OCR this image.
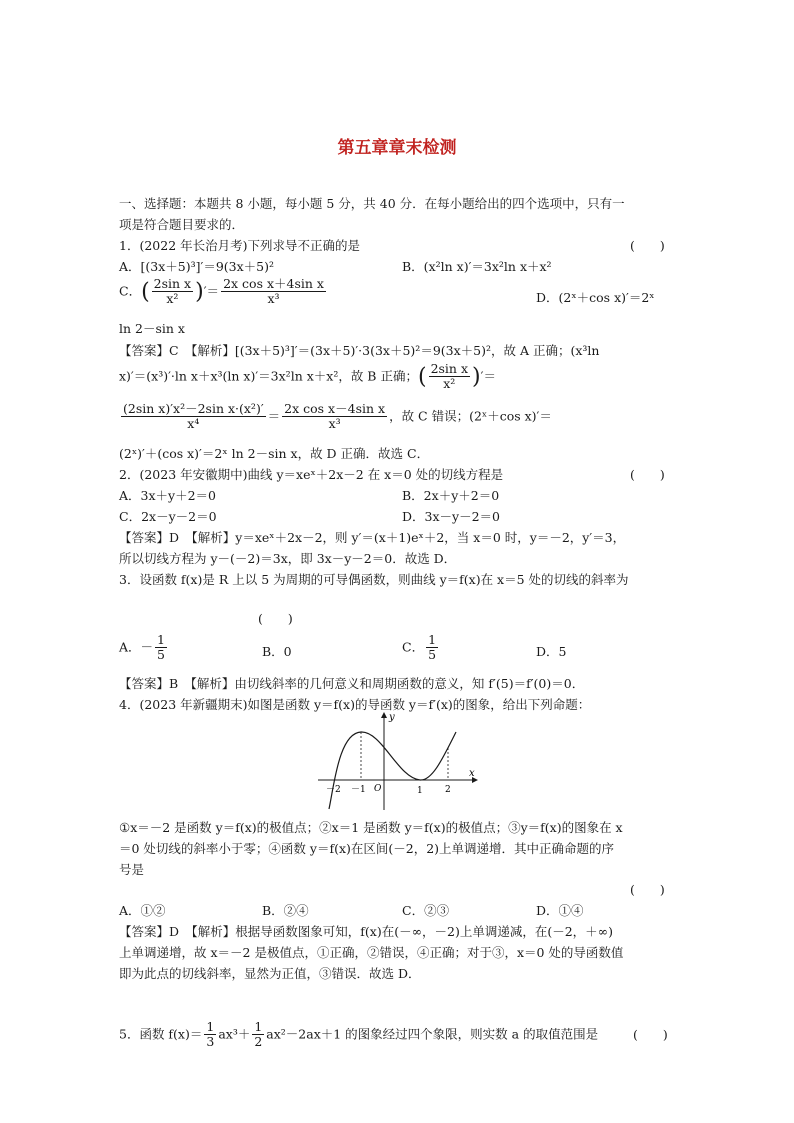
第五章章末检测
一、选择题：本题共 8 小题，每小题 5 分，共 40 分．在每小题给出的四个选项中，只有一
项是符合题目要求的．
1．(2022 年长治月考)下列求导不正确的是	(　　)
A．[(3x＋5)³]′＝9(3x＋5)²	B．(x²ln x)′＝3x²ln x＋x²
C．( $\frac{\text{2sin x}}{\text{x²}}$ )′＝ $\frac{\text{2x cos x＋4sin x}}{\text{x³}}$	D．(2ˣ＋cos x)′＝2ˣ
ln 2－sin x
【答案】C　【解析】[(3x＋5)³]′＝(3x＋5)′·3(3x＋5)²＝9(3x＋5)²，故 A 正确；(x³ln
x)′＝(x³)′·ln x＋x³(ln x)′＝3x²ln x＋x²，故 B 正确；( $\frac{\text{2sin x}}{\text{x²}}$ )′＝
$\frac{\text{(2sin x)′x²－2sin x·(x²)′}}{\text{x⁴}} = \frac{\text{2x cos x－4sin x}}{\text{x³}}$ ，故 C 错误；(2ˣ＋cos x)′＝
(2ˣ)′＋(cos x)′＝2ˣ ln 2－sin x，故 D 正确．故选 C．
2．(2023 年安徽期中)曲线 y＝xeˣ＋2x－2 在 x＝0 处的切线方程是	(　　)
A．3x＋y＋2＝0	B．2x＋y＋2＝0
C．2x－y－2＝0	D．3x－y－2＝0
【答案】D　【解析】y＝xeˣ＋2x－2，则 y′＝(x＋1)eˣ＋2，当 x＝0 时，y＝－2，y′＝3，
所以切线方程为 y－(－2)＝3x，即 3x－y－2＝0．故选 D．
3．设函数 f(x)是 R 上以 5 为周期的可导偶函数，则曲线 y＝f(x)在 x＝5 处的切线的斜率为
(　　)
A．－ $\frac{1}{5}$	B．0	C． $\frac{1}{5}$	D．5
【答案】B　【解析】由切线斜率的几何意义和周期函数的意义，知 f′(5)＝f′(0)＝0．
4．(2023 年新疆期末)如图是函数 y＝f(x)的导函数 y＝f′(x)的图象，给出下列命题：
y
x
－2 －1 O	1 2
①x＝－2 是函数 y＝f(x)的极值点；②x＝1 是函数 y＝f(x)的极值点；③y＝f(x)的图象在 x
＝0 处切线的斜率小于零；④函数 y＝f(x)在区间(－2，2)上单调递增．其中正确命题的序
号是
(　　)
A．①②	B．②④	C．②③	D．①④
【答案】D　【解析】根据导函数图象可知，f(x)在(－∞，－2)上单调递减，在(－2，＋∞)
上单调递增，故 x＝－2 是极值点，①正确，②错误，④正确；对于③，x＝0 处的导函数值
即为此点的切线斜率，显然为正值，③错误．故选 D．
5．函数 $f(x)= \frac{1}{3} ax^3+ \frac{1}{2} ax^2-2ax+1$ 的图象经过四个象限，则实数 a 的取值范围是	(　　)
